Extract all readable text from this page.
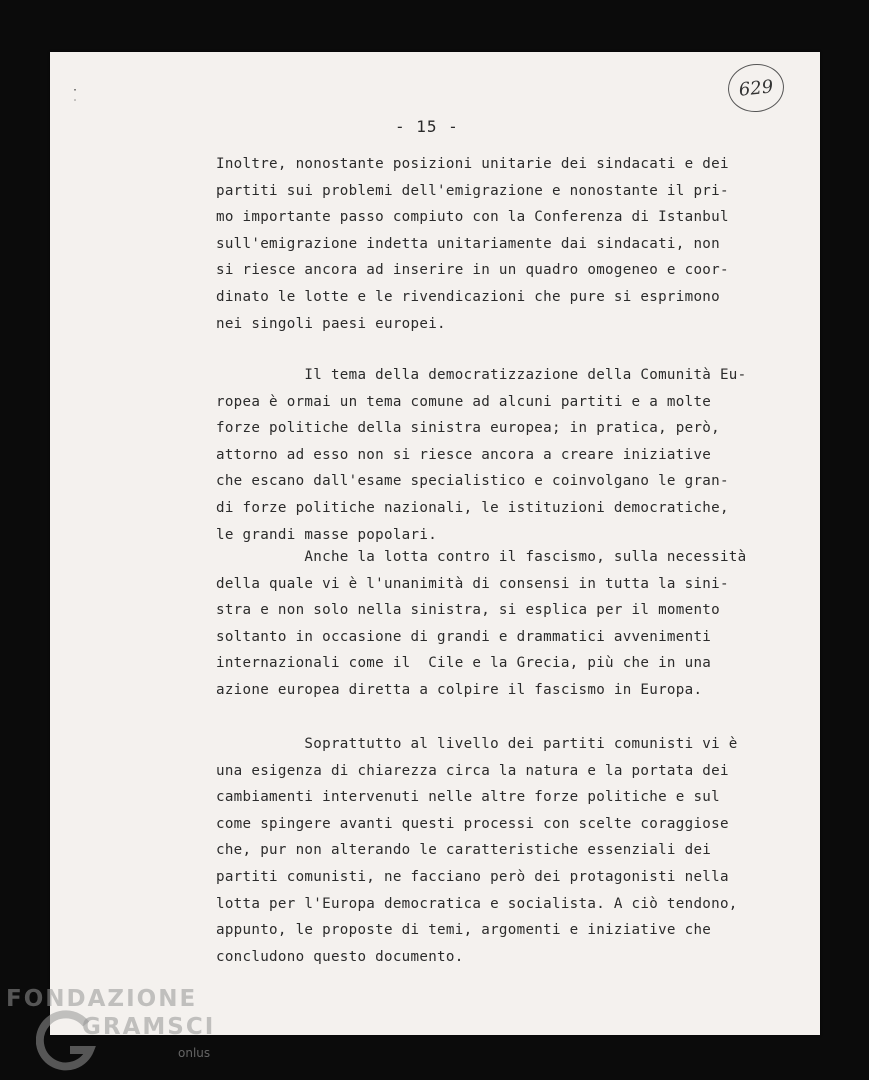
·
˙
629
- 15 -
Inoltre, nonostante posizioni unitarie dei sindacati e dei
partiti sui problemi dell'emigrazione e nonostante il pri-
mo importante passo compiuto con la Conferenza di Istanbul
sull'emigrazione indetta unitariamente dai sindacati, non
si riesce ancora ad inserire in un quadro omogeneo e coor-
dinato le lotte e le rivendicazioni che pure si esprimono
nei singoli paesi europei.
Il tema della democratizzazione della Comunità Eu-
ropea è ormai un tema comune ad alcuni partiti e a molte
forze politiche della sinistra europea; in pratica, però,
attorno ad esso non si riesce ancora a creare iniziative
che escano dall'esame specialistico e coinvolgano le gran-
di forze politiche nazionali, le istituzioni democratiche,
le grandi masse popolari.
Anche la lotta contro il fascismo, sulla necessità
della quale vi è l'unanimità di consensi in tutta la sini-
stra e non solo nella sinistra, si esplica per il momento
soltanto in occasione di grandi e drammatici avvenimenti
internazionali come il  Cile e la Grecia, più che in una
azione europea diretta a colpire il fascismo in Europa.
Soprattutto al livello dei partiti comunisti vi è
una esigenza di chiarezza circa la natura e la portata dei
cambiamenti intervenuti nelle altre forze politiche e sul
come spingere avanti questi processi con scelte coraggiose
che, pur non alterando le caratteristiche essenziali dei
partiti comunisti, ne facciano però dei protagonisti nella
lotta per l'Europa democratica e socialista. A ciò tendono,
appunto, le proposte di temi, argomenti e iniziative che
concludono questo documento.
FONDAZIONE
GRAMSCI
onlus
